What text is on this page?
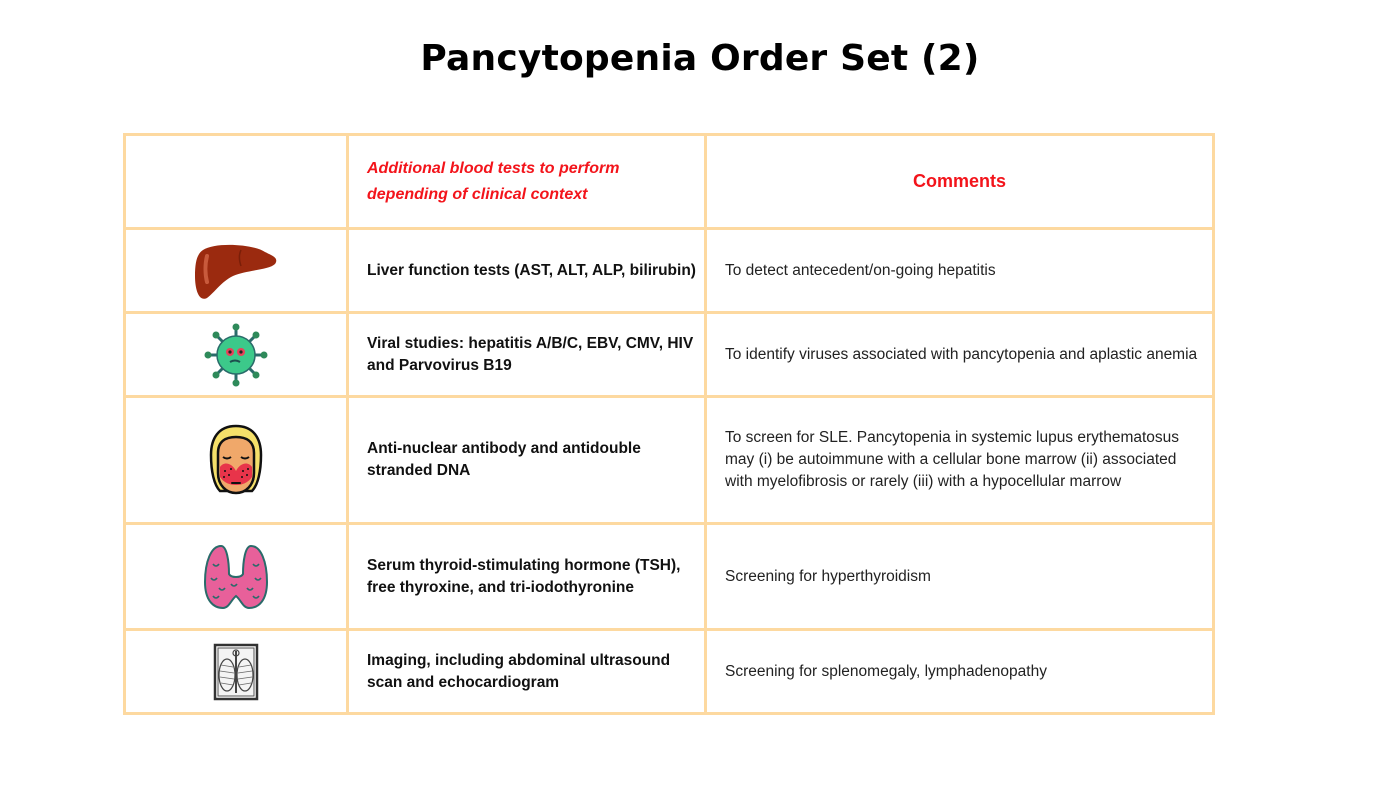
Pancytopenia Order Set (2)
	Additional blood tests to perform depending of clinical context	Comments
	Liver function tests (AST, ALT, ALP, bilirubin)	To detect antecedent/on-going hepatitis
	Viral studies: hepatitis A/B/C, EBV, CMV, HIV and Parvovirus B19	To identify viruses associated with pancytopenia and aplastic anemia
	Anti-nuclear antibody and antidouble stranded DNA	To screen for SLE. Pancytopenia in systemic lupus erythematosus may (i) be autoimmune with a cellular bone marrow (ii) associated with myelofibrosis or rarely (iii) with a hypocellular marrow
	Serum thyroid-stimulating hormone (TSH), free thyroxine, and tri-iodothyronine	Screening for hyperthyroidism
	Imaging, including abdominal ultrasound scan and echocardiogram	Screening for splenomegaly, lymphadenopathy
